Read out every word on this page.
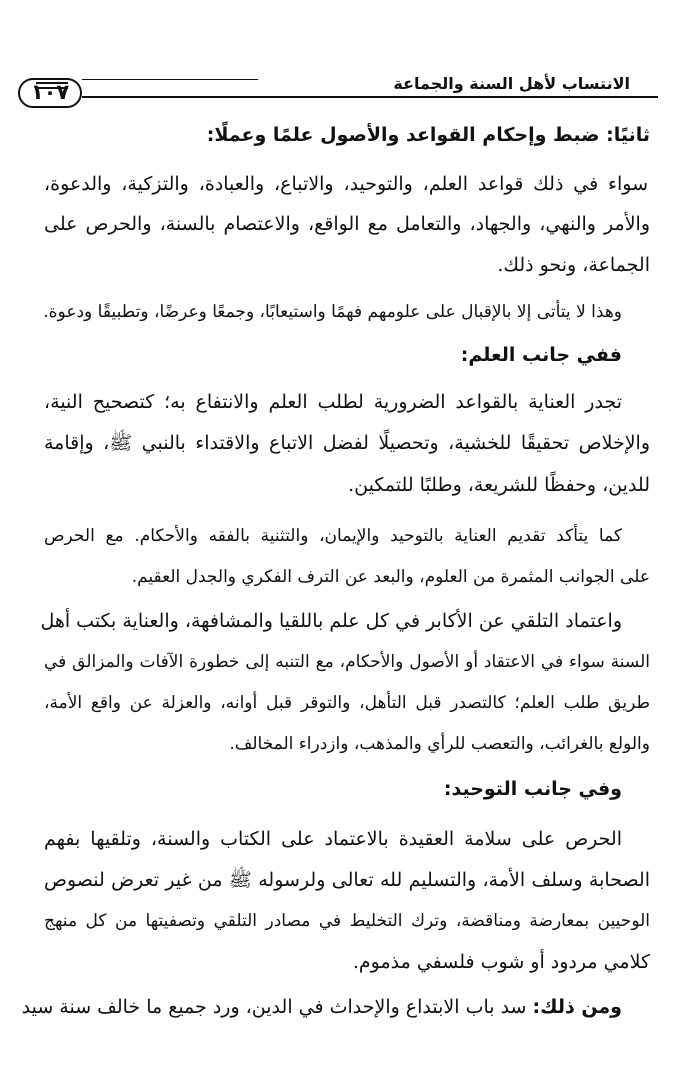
الانتساب لأهل السنة والجماعة
١٠٧
ثانيًا: ضبط وإحكام القواعد والأصول علمًا وعملًا:
سواء في ذلك قواعد العلم، والتوحيد، والاتباع، والعبادة، والتزكية، والدعوة،
والأمر والنهي، والجهاد، والتعامل مع الواقع، والاعتصام بالسنة، والحرص على
الجماعة، ونحو ذلك.
وهذا لا يتأتى إلا بالإقبال على علومهم فهمًا واستيعابًا، وجمعًا وعرضًا، وتطبيقًا ودعوة.
ففي جانب العلم:
تجدر العناية بالقواعد الضرورية لطلب العلم والانتفاع به؛ كتصحيح النية،
والإخلاص تحقيقًا للخشية، وتحصيلًا لفضل الاتباع والاقتداء بالنبي ﷺ، وإقامة
للدين، وحفظًا للشريعة، وطلبًا للتمكين.
كما يتأكد تقديم العناية بالتوحيد والإيمان، والتثنية بالفقه والأحكام. مع الحرص
على الجوانب المثمرة من العلوم، والبعد عن الترف الفكري والجدل العقيم.
واعتماد التلقي عن الأكابر في كل علم باللقيا والمشافهة، والعناية بكتب أهل
السنة سواء في الاعتقاد أو الأصول والأحكام، مع التنبه إلى خطورة الآفات والمزالق في
طريق طلب العلم؛ كالتصدر قبل التأهل، والتوقر قبل أوانه، والعزلة عن واقع الأمة،
والولع بالغرائب، والتعصب للرأي والمذهب، وازدراء المخالف.
وفي جانب التوحيد:
الحرص على سلامة العقيدة بالاعتماد على الكتاب والسنة، وتلقيها بفهم
الصحابة وسلف الأمة، والتسليم لله تعالى ولرسوله ﷺ من غير تعرض لنصوص
الوحيين بمعارضة ومناقضة، وترك التخليط في مصادر التلقي وتصفيتها من كل منهج
كلامي مردود أو شوب فلسفي مذموم.
ومن ذلك: سد باب الابتداع والإحداث في الدين، ورد جميع ما خالف سنة سيد
